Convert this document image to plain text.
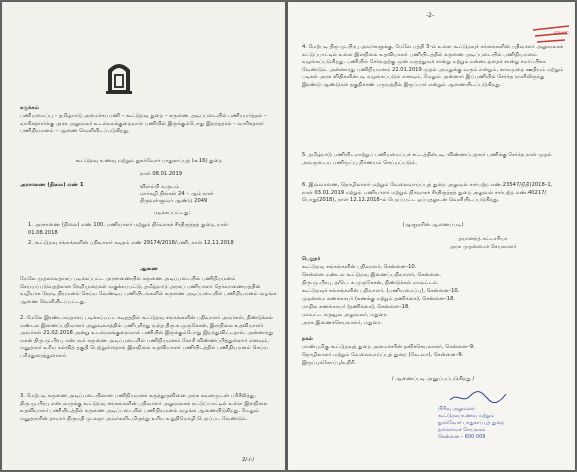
சுருக்கம்
பணியமைப்பு – தமிழ்நாடு அமைச்சுப்பணி – கூட்டுறவு துறை – கருணை அடிப்படையில் பணியமர்த்தல் – வாரிசுதாரர்க்கு அரசு அலுவலர் உடல்நலக்குறைவால் பணியில் இருக்கும்போது இறந்ததால் – வாரிசுதாரர் பணிநியமனம் – ஆணை வெளியிடப்படுகிறது.
கூட்டுறவு உணவு மற்றும் நுகர்வோர் பாதுகாப்புத் (கூ16) துறை
நாள் 08.01.2019
அரசாணை (நிலை) எண் 1	விளம்பி வருடம்
மார்கழி திங்கள் 24 – ஆம் நாள்
திருவள்ளுவர் ஆண்டு 2049
படிக்கப்பட்டது:
1. அரசாணை (நிலை) எண் 100, பணியாளர் மற்றும் நிர்வாகச் சீர்திருத்தத் துறை, நாள் 01.08.2018
2. கூட்டுறவு சங்கங்களின் பதிவாளர் கடிதம் எண் 29174/2018/பணி, நாள் 12.11.2018
ஆணை
மேலே முதலாவதாகப் படிக்கப்பட்ட அரசாணையில் கருணை அடிப்படையில் பணிநியமனம் செய்யப்படுவதற்கான நெறிமுறைகள் வகுக்கப்பட்டு, தமிழ்நாடு அரசுப் பணியாளர் தேர்வாணையத்தின் வழியாக நேரடி நியமனம் செய்ய வேண்டிய பணியிடங்களில் கருணை அடிப்படையில் பணிநியமனம் வழங்க ஆணை வெளியிடப்பட்டது.
2. மேலே இரண்டாவதாகப் படிக்கப்பட்ட கடிதத்தில் கூட்டுறவு சங்கங்களின் பதிவாளர் அவர்கள், திண்டுக்கல் மண்டல இணைப்பதிவாளர் அலுவலகத்தில் பணிபுரிந்து வந்த திரு.க.முருகேசன், இளநிலை உதவியாளர் அவர்கள் 21.02.2018 அன்று உடல்நலக்குறைவால் பணியில் இருக்கும்போது இறந்துவிட்டதால், அன்னாரது மகன் திரு.மு.பிரபு என்பவர் கருணை அடிப்படையில் பணிநியமனம் கோரி விண்ணப்பித்துள்ளார் எனவும், மனுதாரர் உரிய கல்வித் தகுதி பெற்றுள்ளதால் இளநிலை உதவியாளர் பணியிடத்தில் பணிநியமனம் செய்ய பரிந்துரைத்துள்ளார்.
3. மேற்படி கருணை அடிப்படையிலான பணிநியமனக் கருத்துருவினை அரசு கவனமுடன் பரிசீலித்து, திரு.மு.பிரபு என்பவருக்கு கூட்டுறவு சங்கங்களின் பதிவாளர் அலுவலகக் கட்டுப்பாட்டில் உள்ள இளநிலை உதவியாளர் பணியிடத்தில் கருணை அடிப்படையில் பணிநியமனம் வழங்க ஆணையிடுகிறது. மேலும் மனுதாரரின் தாயார் திருமதி மு.லதா அவர்களிடமிருந்து உரிய உறுதிமொழி பெறப்பட வேண்டும்.
2/-/-/
-2-
GRASE
4. மேற்படி திரு.மு.பிரபு அவர்களுக்கு, மேலே பத்தி 3–ல் உள்ள கூட்டுறவுச் சங்கங்களின் பதிவாளர் அலுவலகக் கட்டுப்பாட்டில் உள்ள இளநிலை உதவியாளர் பணியிடத்தில் கருணை அடிப்படையில் பணிநியமனம் வழங்கப்படுகிறது. பணியில் சேர்வதற்கு முன் மருத்துவச் சான்று மற்றும் நன்னடத்தைச் சான்று சமர்ப்பிக்க வேண்டும். அன்னாரது பணிநியமனம் 22.01.2019 முதல் அமலுக்கு வரும் என்றும், காலமுறை ஊதியம் மற்றும் படிகள் அரசு விதிகளின்படி வழங்கப்படும் எனவும், மேலும் அன்னார் இப்பணியில் சேர்ந்த நாளிலிருந்து இரண்டு ஆண்டுகள் தகுதிகாண் பருவத்தில் இருப்பார் என்றும் ஆணையிடப்படுகிறது.
5. தமிழ்நாடு பணியிடமாற்றுப் பணியமைப்புச் சட்டத்தின்படி, விண்ணப்பதாரர் பணிக்கு சேர்ந்த நாள் முதல் அவருடைய பணிமூப்பு நிர்ணயம் செய்யப்படும்.
6. இவ்வாணை, தொழிலாளர் மற்றும் வேலைவாய்ப்புத் துறை அலுவல் சார்பற்ற எண்.23547/நிதி(2018–1, நாள் 03.01.2019 மற்றும் பணியாளர் மற்றும் நிர்வாகச் சீர்திருத்தத் துறை அலுவல் சார்பற்ற எண்.40217/பொது(2018), நாள் 12.12.2018–ல் பெறப்பட்ட ஒப்புதலுடன் வெளியிடப்படுகிறது.
(ஆளுநரின் ஆணைப்படி)
தயானந்த் கட்டாரியா
அரசு முதன்மைச் செயலாளர்
பெறுநர்
கூட்டுறவு சங்கங்களின் பதிவாளர், சென்னை–10.
சென்னை மண்டல கூட்டுறவு இணைப்பதிவாளர், சென்னை.
திரு.மு.பிரபு, த/பெ. க.முருகேசன், திண்டுக்கல் மாவட்டம்.
கூட்டுறவுச் சங்கங்களின் பதிவாளர், (பணியமைப்பு), சென்னை–10.
முதன்மை கணக்காயர் (கணக்கு மற்றும் தணிக்கை), சென்னை–18.
மாநில கணக்காயர் (தணிக்கை), சென்னை–18.
மாவட்ட கருவூல அலுவலர், மதுரை.
அரசு இணைச்செயலாளர், மதுரை.
நகல்
மாண்புமிகு கூட்டுறவுத் துறை அமைச்சரின் தனிச்செயலாளர், சென்னை–9.
தொழிலாளர் மற்றும் வேலைவாய்ப்புத் துறை (வே.வா), சென்னை–9.
இருப்புக்கோப்பு/உதிரி.
/ ஆணைப்படி அனுப்பப்படுகிறது /
பிரிவு அலுவலர்
கூட்டுறவு உணவு மற்றும்
நுகர்வோர் பாதுகாப்புத் துறை
தலைமைச் செயலகம்
சென்னை – 600 009
